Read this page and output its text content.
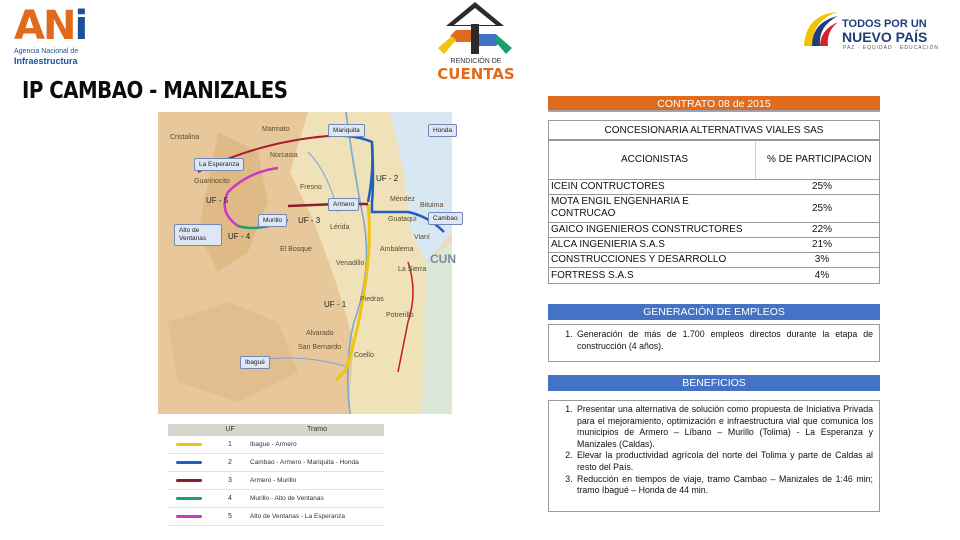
ANi
Agencia Nacional de
Infraestructura
IP CAMBAO - MANIZALES
RENDICIÓN DE
CUENTAS
TODOS POR UN
NUEVO PAÍS
PAZ · EQUIDAD · EDUCACIÓN
Cristalina
Marmato
Norcasia
Guarinocito
Fresno
Lérida
Venadillo
Ambalema
Alvarado
Piedras
Guataquí
La Sierra
Vianí
Bituima
Méndez
Coello
El Bosque
Potrerillo
San Bernardo
CUN
Mariquita	Honda
La Esperanza
Armero
Murillo
Alto de Ventanas
Cambao
Ibagué
UF - 5
UF - 4
UF - 3
UF - 2
UF - 1
UF	Tramo
1	Ibague - Armero
2	Cambao - Armero - Mariquita - Honda
3	Armero - Murillo
4	Murillo - Alto de Ventanas
5	Alto de Ventanas - La Esperanza
CONTRATO 08 de 2015
CONCESIONARIA ALTERNATIVAS VIALES SAS
ACCIONISTAS	% DE PARTICIPACION
ICEIN CONTRUCTORES	25%
MOTA ENGIL ENGENHARIA E CONTRUCAO	25%
GAICO INGENIEROS CONSTRUCTORES	22%
ALCA INGENIERIA S.A.S	21%
CONSTRUCCIONES Y DESARROLLO	3%
FORTRESS S.A.S	4%
GENERACIÓN DE EMPLEOS
1. Generación de más de 1.700 empleos directos durante la etapa de construcción (4 años).
BENEFICIOS
1. Presentar una alternativa de solución como propuesta de Iniciativa Privada para el mejoramiento, optimización e infraestructura vial que comunica los municipios de Armero – Líbano – Murillo (Tolima) - La Esperanza y Manizales (Caldas).
2. Elevar la productividad agrícola del norte del Tolima y parte de Caldas al resto del País.
3. Reducción en tiempos de viaje, tramo Cambao – Manizales de 1:46 min; tramo Ibagué – Honda de 44 min.
